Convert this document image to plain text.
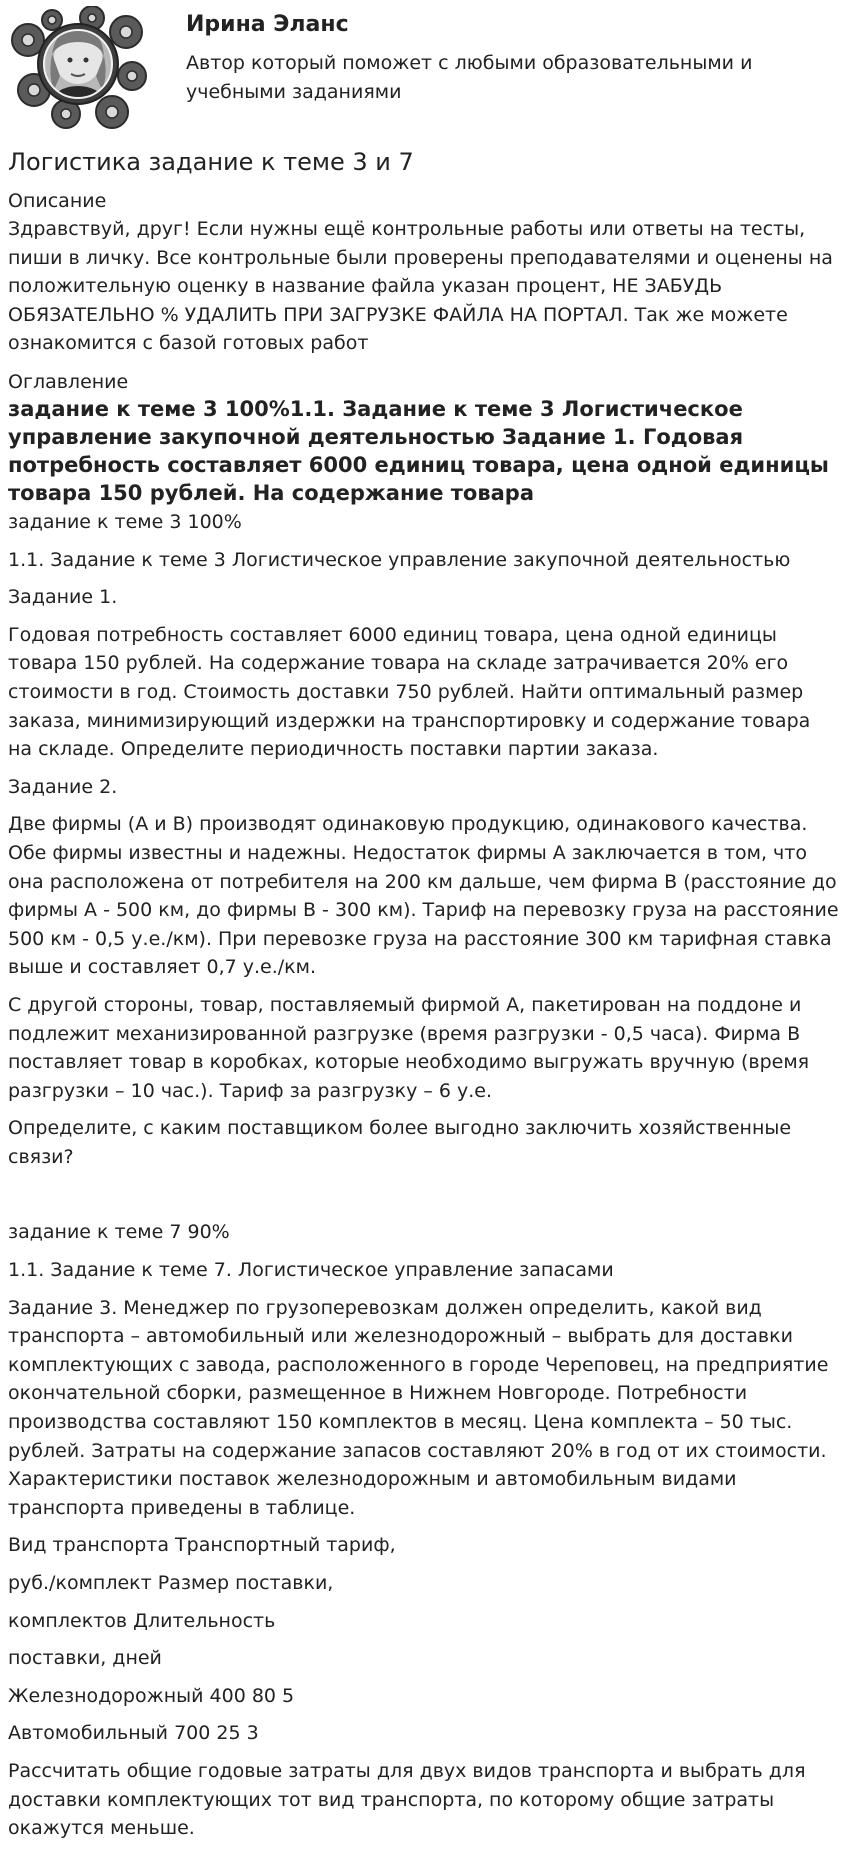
Ирина Эланс
Автор который поможет с любыми образовательными и учебными заданиями
Логистика задание к теме 3 и 7
Описание

Здравствуй, друг! Если нужны ещё контрольные работы или ответы на тесты, пиши в личку. Все контрольные были проверены преподавателями и оценены на положительную оценку в название файла указан процент, НЕ ЗАБУДЬ ОБЯЗАТЕЛЬНО % УДАЛИТЬ ПРИ ЗАГРУЗКЕ ФАЙЛА НА ПОРТАЛ. Так же можете ознакомится с базой готовых работ

Оглавление
задание к теме 3 100%1.1. Задание к теме 3 Логистическое управление закупочной деятельностью Задание 1. Годовая потребность составляет 6000 единиц товара, цена одной единицы товара 150 рублей. На содержание товара

задание к теме 3 100%

1.1. Задание к теме 3 Логистическое управление закупочной деятельностью

Задание 1.

Годовая потребность составляет 6000 единиц товара, цена одной единицы товара 150 рублей. На содержание товара на складе затрачивается 20% его стоимости в год. Стоимость доставки 750 рублей. Найти оптимальный размер заказа, минимизирующий издержки на транспортировку и содержание товара на складе. Определите периодичность поставки партии заказа.

Задание 2.

Две фирмы (А и В) производят одинаковую продукцию, одинакового качества. Обе фирмы известны и надежны. Недостаток фирмы А заключается в том, что она расположена от потребителя на 200 км дальше, чем фирма В (расстояние до фирмы А - 500 км, до фирмы В - 300 км). Тариф на перевозку груза на расстояние 500 км - 0,5 у.е./км). При перевозке груза на расстояние 300 км тарифная ставка выше и составляет 0,7 у.е./км.

С другой стороны, товар, поставляемый фирмой А, пакетирован на поддоне и подлежит механизированной разгрузке (время разгрузки - 0,5 часа). Фирма В поставляет товар в коробках, которые необходимо выгружать вручную (время разгрузки – 10 час.). Тариф за разгрузку – 6 у.е.

Определите, с каким поставщиком более выгодно заключить хозяйственные связи?

задание к теме 7 90%

1.1. Задание к теме 7. Логистическое управление запасами

Задание 3. Менеджер по грузоперевозкам должен определить, какой вид транспорта – автомобильный или железнодорожный – выбрать для доставки комплектующих с завода, расположенного в городе Череповец, на предприятие окончательной сборки, размещенное в Нижнем Новгороде. Потребности производства составляют 150 комплектов в месяц. Цена комплекта – 50 тыс. рублей. Затраты на содержание запасов составляют 20% в год от их стоимости. Характеристики поставок железнодорожным и автомобильным видами транспорта приведены в таблице.

Вид транспорта Транспортный тариф,

руб./комплект Размер поставки,

комплектов Длительность

поставки, дней

Железнодорожный 400 80 5

Автомобильный 700 25 3

Рассчитать общие годовые затраты для двух видов транспорта и выбрать для доставки комплектующих тот вид транспорта, по которому общие затраты окажутся меньше.
